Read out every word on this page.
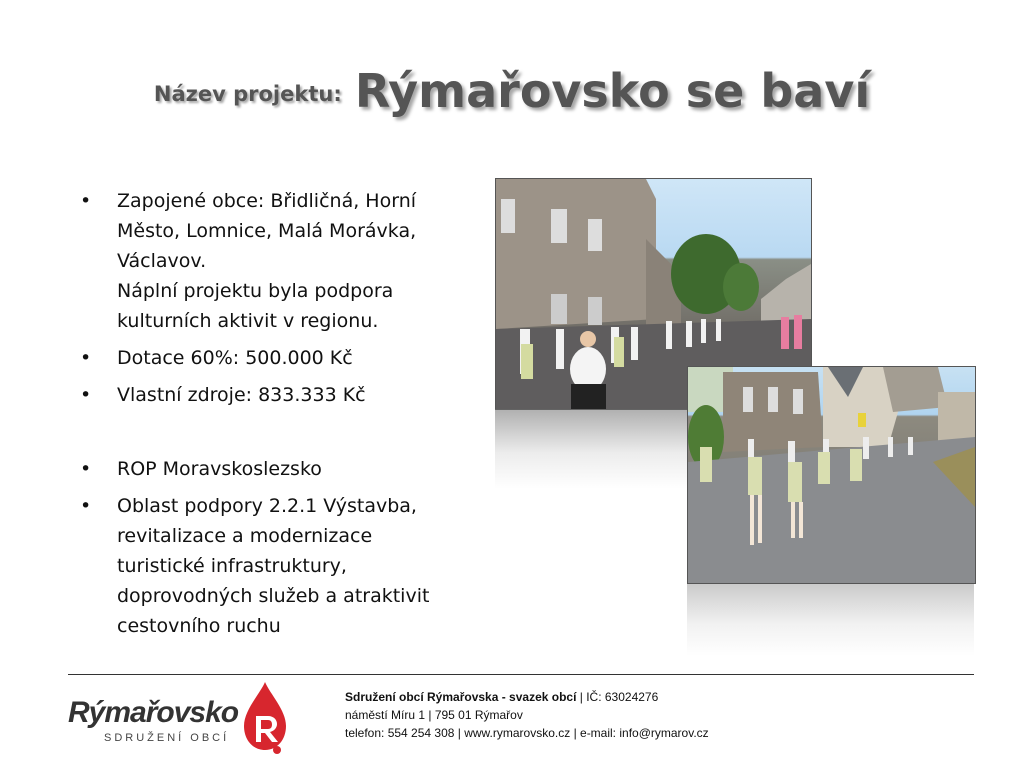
Název projektu: Rýmařovsko se baví
• Zapojené obce: Břidličná, Horní Město, Lomnice, Malá Morávka, Václavov.
Náplní projektu byla podpora kulturních aktivit v regionu.
• Dotace 60%: 500.000 Kč
• Vlastní zdroje: 833.333 Kč
• ROP Moravskoslezsko
• Oblast podpory 2.2.1 Výstavba, revitalizace a modernizace turistické infrastruktury, doprovodných služeb a atraktivit cestovního ruchu
Rýmařovsko
SDRUŽENÍ OBCÍ
Sdružení obcí Rýmařovska - svazek obcí | IČ: 63024276
náměstí Míru 1 | 795 01 Rýmařov
telefon: 554 254 308 | www.rymarovsko.cz | e-mail: info@rymarov.cz
